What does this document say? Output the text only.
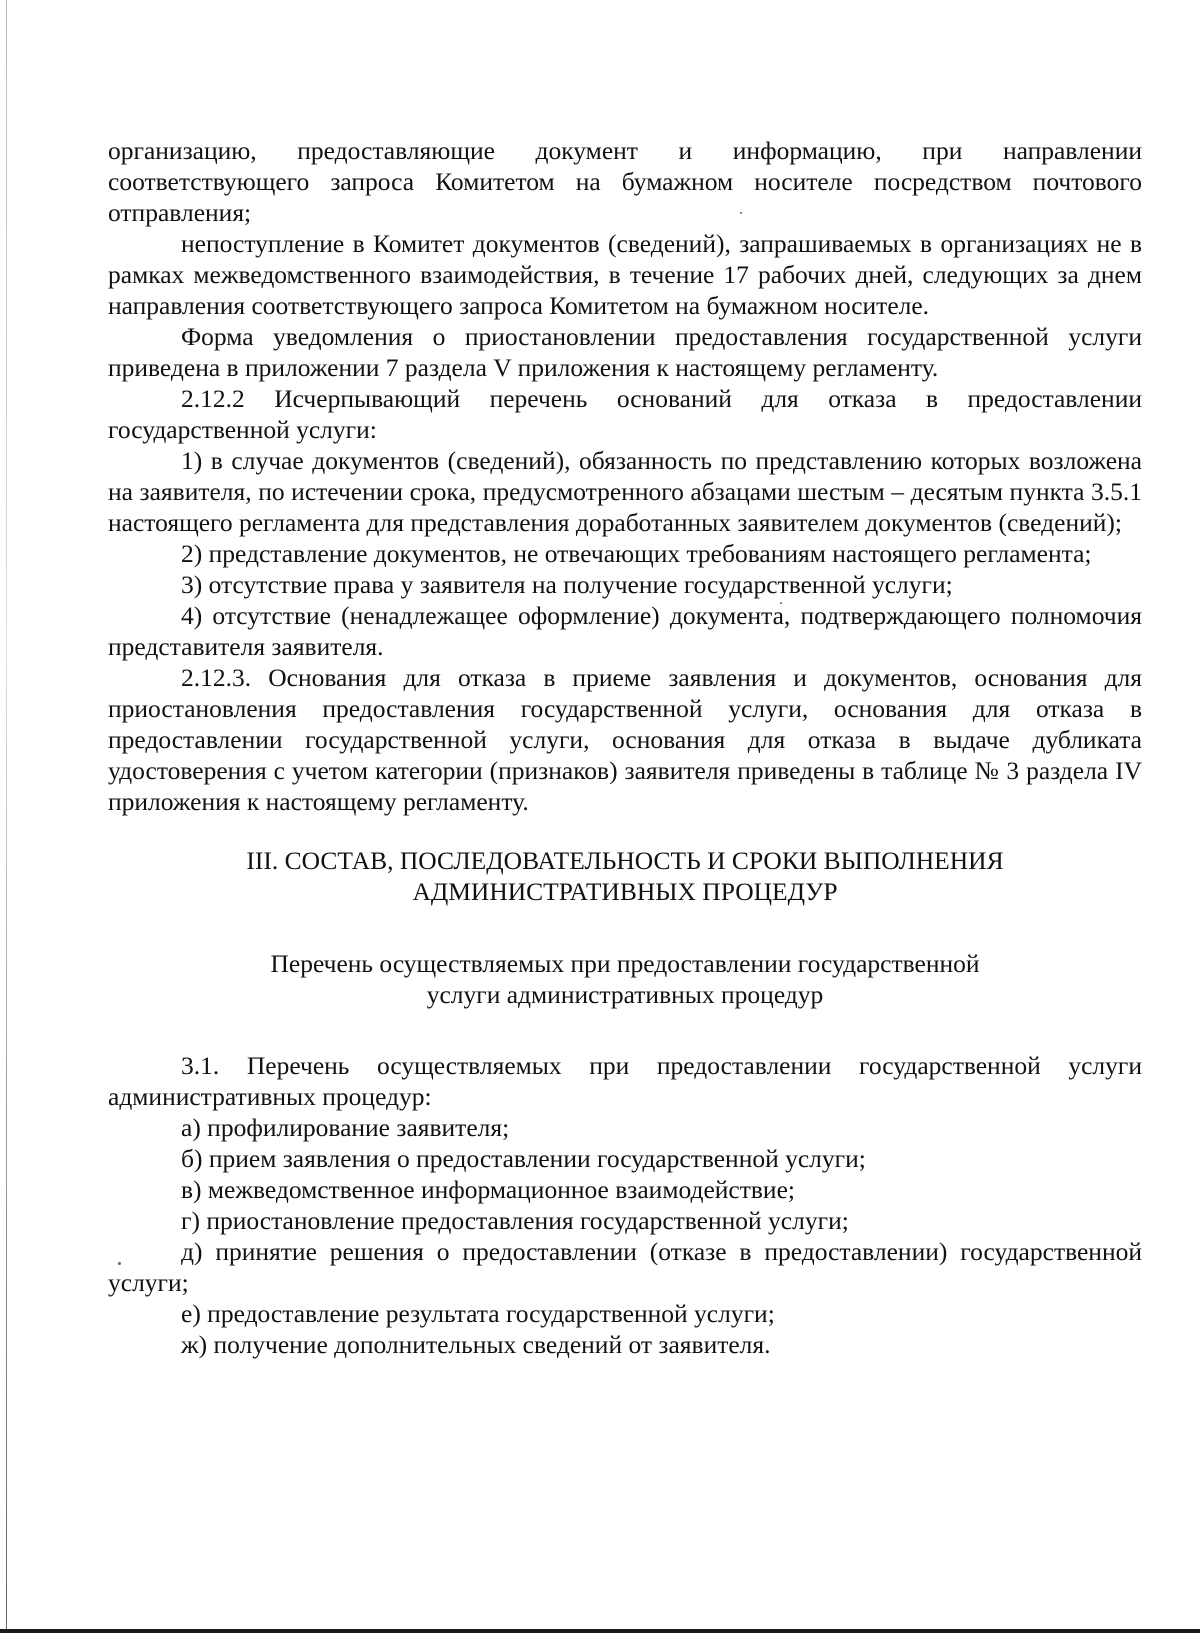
организацию, предоставляющие документ и информацию, при направлении соответствующего запроса Комитетом на бумажном носителе посредством почтового отправления;

непоступление в Комитет документов (сведений), запрашиваемых в организациях не в рамках межведомственного взаимодействия, в течение 17 рабочих дней, следующих за днем направления соответствующего запроса Комитетом на бумажном носителе.

Форма уведомления о приостановлении предоставления государственной услуги приведена в приложении 7 раздела V приложения к настоящему регламенту.

2.12.2 Исчерпывающий перечень оснований для отказа в предоставлении государственной услуги:

1) в случае документов (сведений), обязанность по представлению которых возложена на заявителя, по истечении срока, предусмотренного абзацами шестым – десятым пункта 3.5.1 настоящего регламента для представления доработанных заявителем документов (сведений);

2) представление документов, не отвечающих требованиям настоящего регламента;

3) отсутствие права у заявителя на получение государственной услуги;

4) отсутствие (ненадлежащее оформление) документа, подтверждающего полномочия представителя заявителя.

2.12.3. Основания для отказа в приеме заявления и документов, основания для приостановления предоставления государственной услуги, основания для отказа в предоставлении государственной услуги, основания для отказа в выдаче дубликата удостоверения с учетом категории (признаков) заявителя приведены в таблице № 3 раздела IV приложения к настоящему регламенту.

III. СОСТАВ, ПОСЛЕДОВАТЕЛЬНОСТЬ И СРОКИ ВЫПОЛНЕНИЯ
АДМИНИСТРАТИВНЫХ ПРОЦЕДУР
Перечень осуществляемых при предоставлении государственной
услуги административных процедур

3.1. Перечень осуществляемых при предоставлении государственной услуги административных процедур:

а) профилирование заявителя;

б) прием заявления о предоставлении государственной услуги;

в) межведомственное информационное взаимодействие;

г) приостановление предоставления государственной услуги;

д) принятие решения о предоставлении (отказе в предоставлении) государственной услуги;

е) предоставление результата государственной услуги;

ж) получение дополнительных сведений от заявителя.
